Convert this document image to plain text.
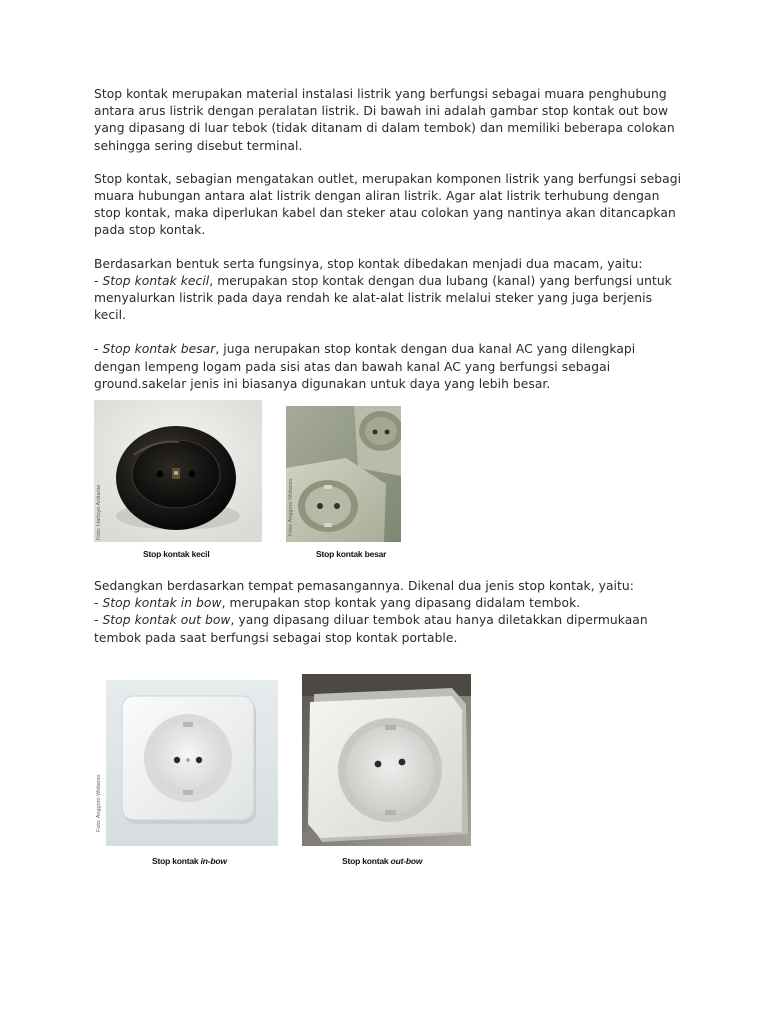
Stop kontak merupakan material instalasi listrik yang berfungsi sebagai muara penghubung antara arus listrik dengan peralatan listrik. Di bawah ini adalah gambar stop kontak out bow yang dipasang di luar tebok (tidak ditanam di dalam tembok) dan memiliki beberapa colokan sehingga sering disebut terminal.

Stop kontak, sebagian mengatakan outlet, merupakan komponen listrik yang berfungsi sebagi muara hubungan antara alat listrik dengan aliran listrik. Agar alat listrik terhubung dengan stop kontak, maka diperlukan kabel dan steker atau colokan yang nantinya akan ditancapkan pada stop kontak.

Berdasarkan bentuk serta fungsinya, stop kontak dibedakan menjadi dua macam, yaitu:
- Stop kontak kecil, merupakan stop kontak dengan dua lubang (kanal) yang berfungsi untuk menyalurkan listrik pada daya rendah ke alat-alat listrik melalui steker yang juga berjenis kecil.

- Stop kontak besar, juga nerupakan stop kontak dengan dua kanal AC yang dilengkapi dengan lempeng logam pada sisi atas dan bawah kanal AC yang berfungsi sebagai ground.sakelar jenis ini biasanya digunakan untuk daya yang lebih besar.

Foto: Hartoyo Ardianta
Stop kontak kecil
Foto: Anggoro Widiarso
Stop kontak besar

Sedangkan berdasarkan tempat pemasangannya. Dikenal dua jenis stop kontak, yaitu:
- Stop kontak in bow, merupakan stop kontak yang dipasang didalam tembok.
- Stop kontak out bow, yang dipasang diluar tembok atau hanya diletakkan dipermukaan tembok pada saat berfungsi sebagai stop kontak portable.

Foto: Anggoro Widiarso
Stop kontak in-bow
Foto: Hartoyo Ardianta
Stop kontak out-bow
